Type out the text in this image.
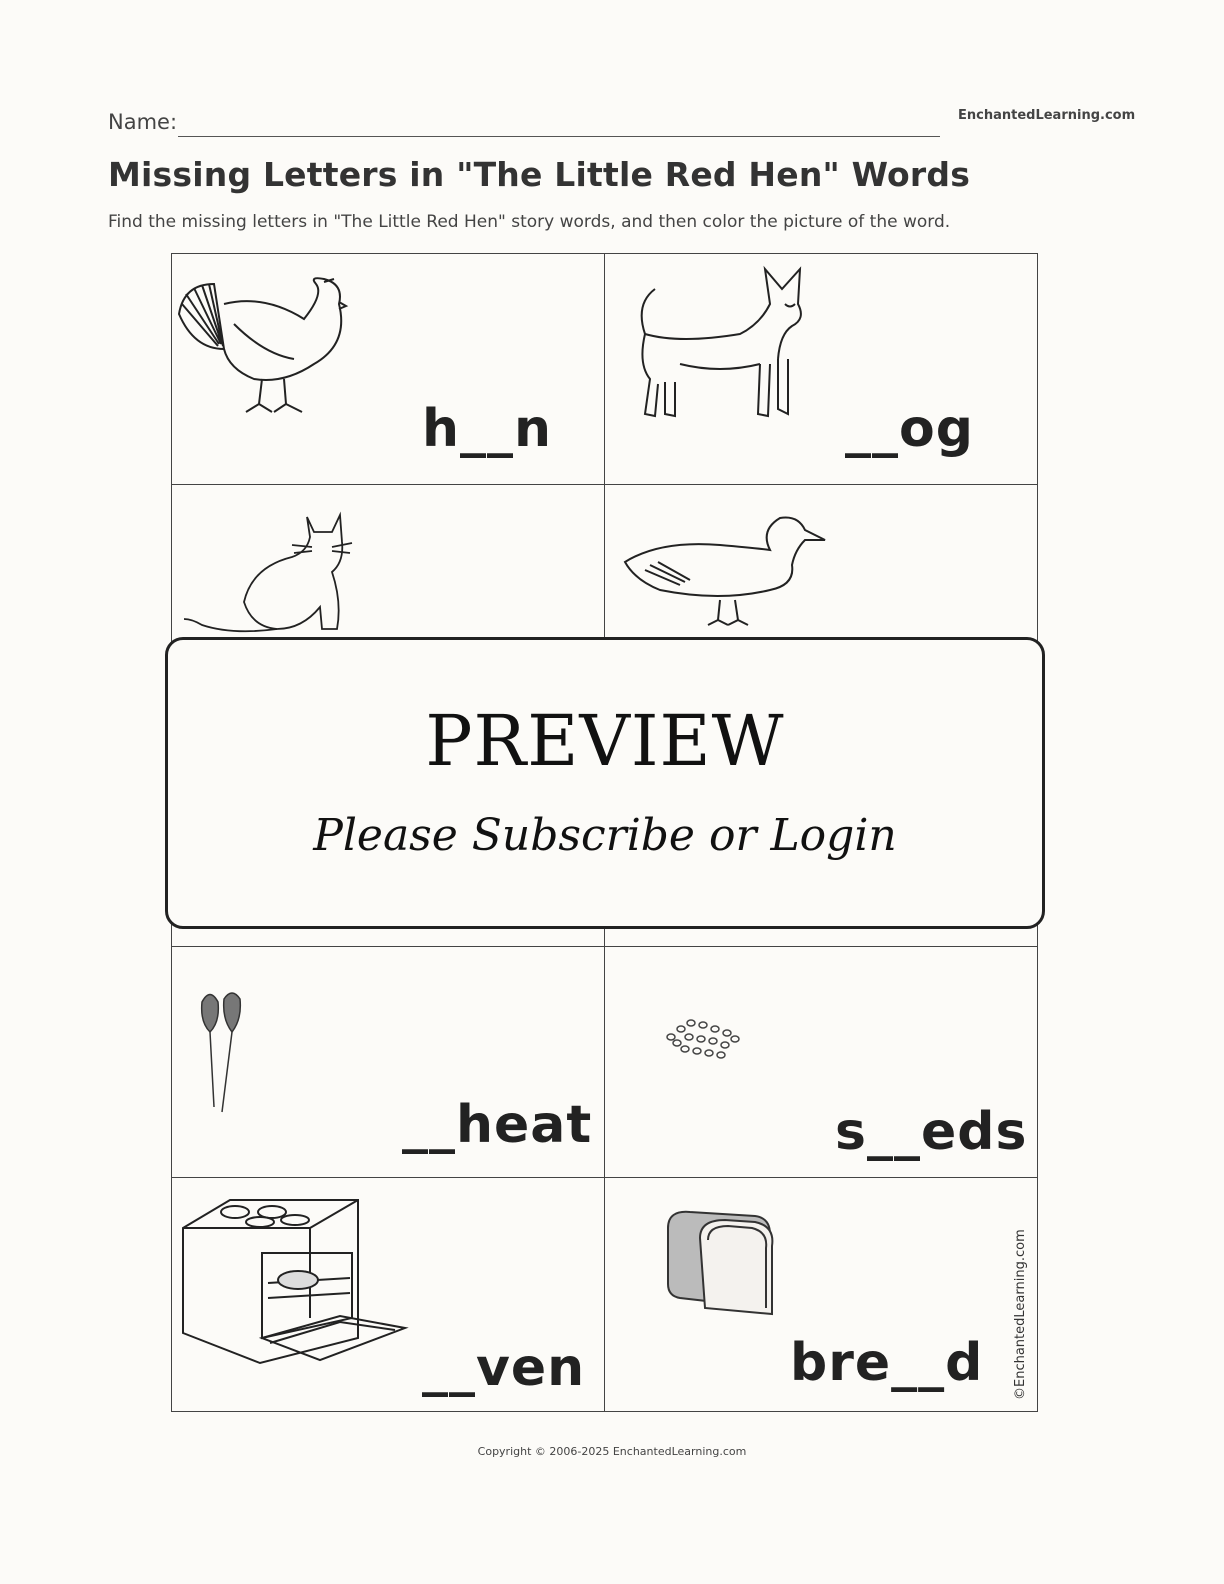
Name:	EnchantedLearning.com
Missing Letters in "The Little Red Hen" Words
Find the missing letters in "The Little Red Hen" story words, and then color the picture of the word.
h__n	__og
__heat	s__eds
__ven	bre__d
PREVIEW
Please Subscribe or Login
©EnchantedLearning.com
Copyright © 2006-2025 EnchantedLearning.com
